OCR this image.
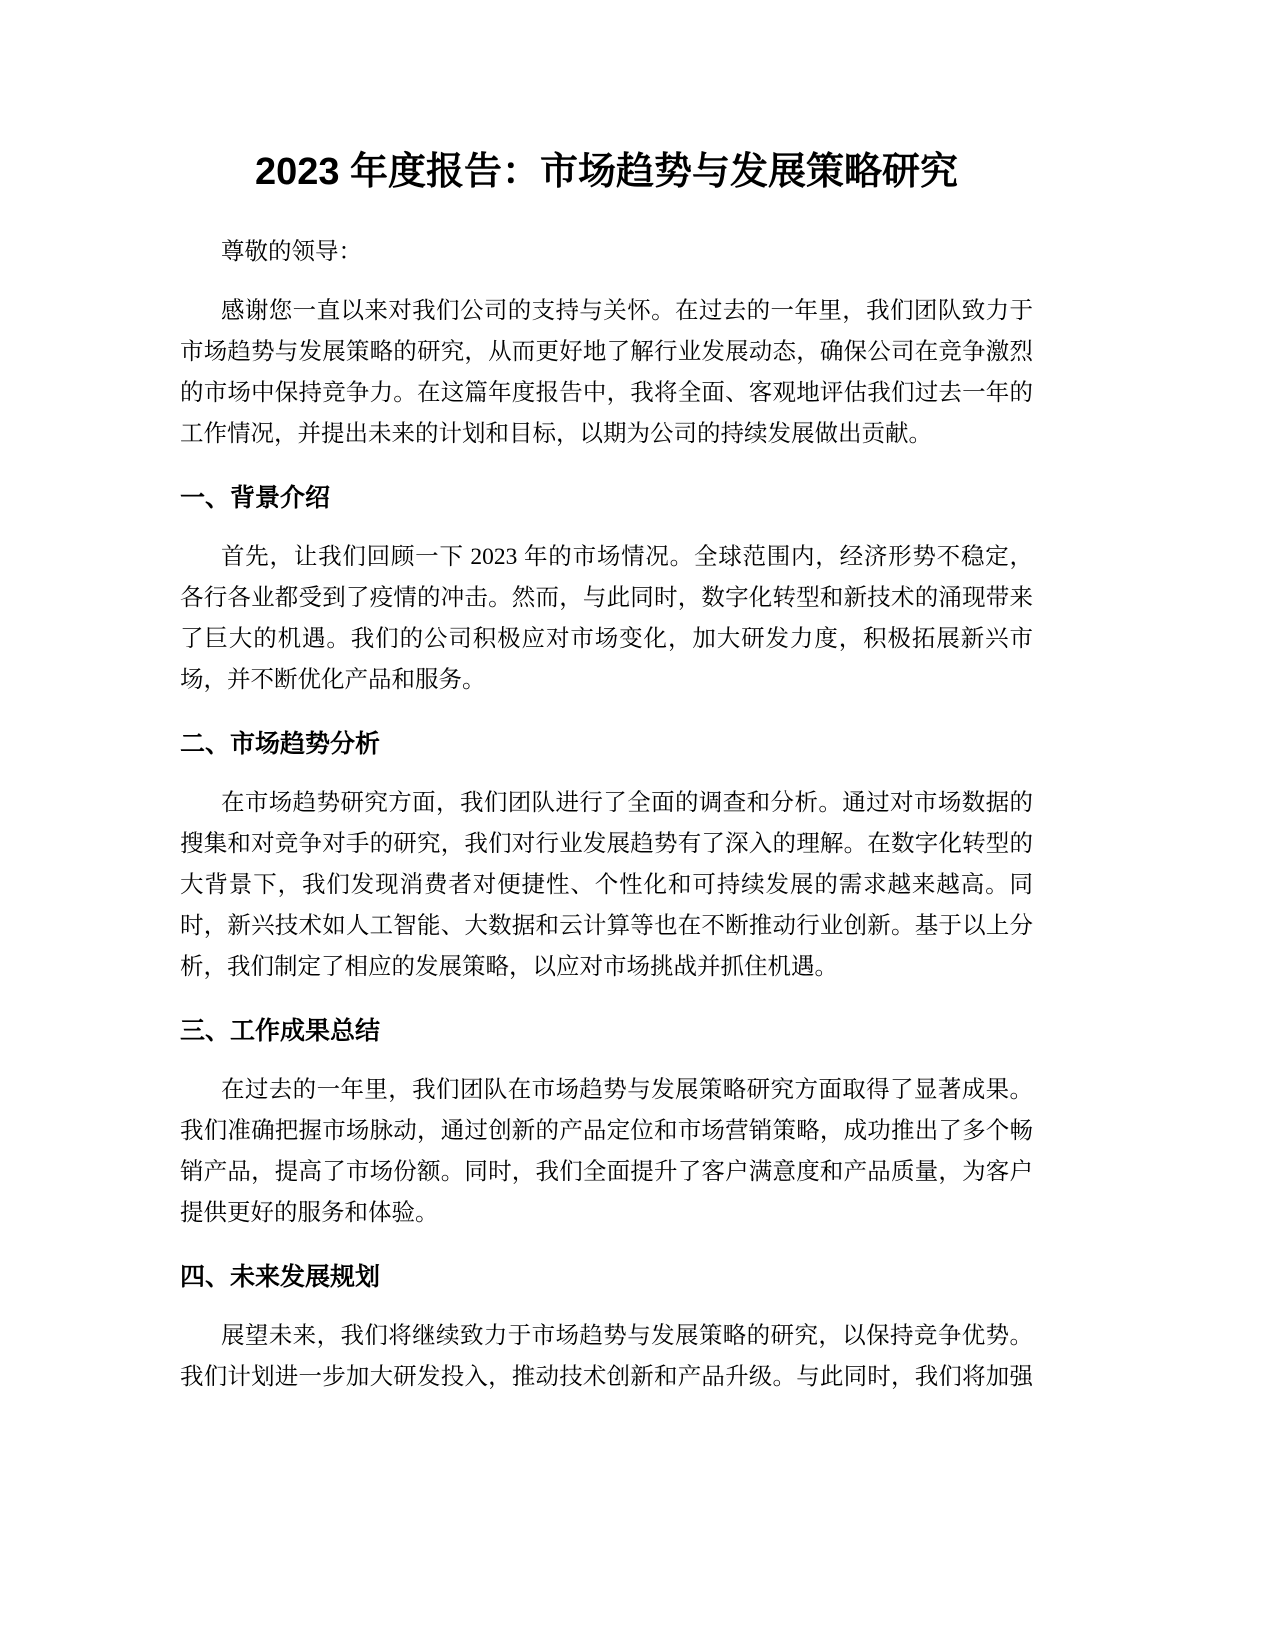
2023 年度报告：市场趋势与发展策略研究

尊敬的领导：

感谢您一直以来对我们公司的支持与关怀。在过去的一年里，我们团队致力于
市场趋势与发展策略的研究，从而更好地了解行业发展动态，确保公司在竞争激烈
的市场中保持竞争力。在这篇年度报告中，我将全面、客观地评估我们过去一年的
工作情况，并提出未来的计划和目标，以期为公司的持续发展做出贡献。

一、背景介绍

首先，让我们回顾一下 2023 年的市场情况。全球范围内，经济形势不稳定，
各行各业都受到了疫情的冲击。然而，与此同时，数字化转型和新技术的涌现带来
了巨大的机遇。我们的公司积极应对市场变化，加大研发力度，积极拓展新兴市
场，并不断优化产品和服务。

二、市场趋势分析

在市场趋势研究方面，我们团队进行了全面的调查和分析。通过对市场数据的
搜集和对竞争对手的研究，我们对行业发展趋势有了深入的理解。在数字化转型的
大背景下，我们发现消费者对便捷性、个性化和可持续发展的需求越来越高。同
时，新兴技术如人工智能、大数据和云计算等也在不断推动行业创新。基于以上分
析，我们制定了相应的发展策略，以应对市场挑战并抓住机遇。

三、工作成果总结

在过去的一年里，我们团队在市场趋势与发展策略研究方面取得了显著成果。
我们准确把握市场脉动，通过创新的产品定位和市场营销策略，成功推出了多个畅
销产品，提高了市场份额。同时，我们全面提升了客户满意度和产品质量，为客户
提供更好的服务和体验。

四、未来发展规划

展望未来，我们将继续致力于市场趋势与发展策略的研究，以保持竞争优势。
我们计划进一步加大研发投入，推动技术创新和产品升级。与此同时，我们将加强
